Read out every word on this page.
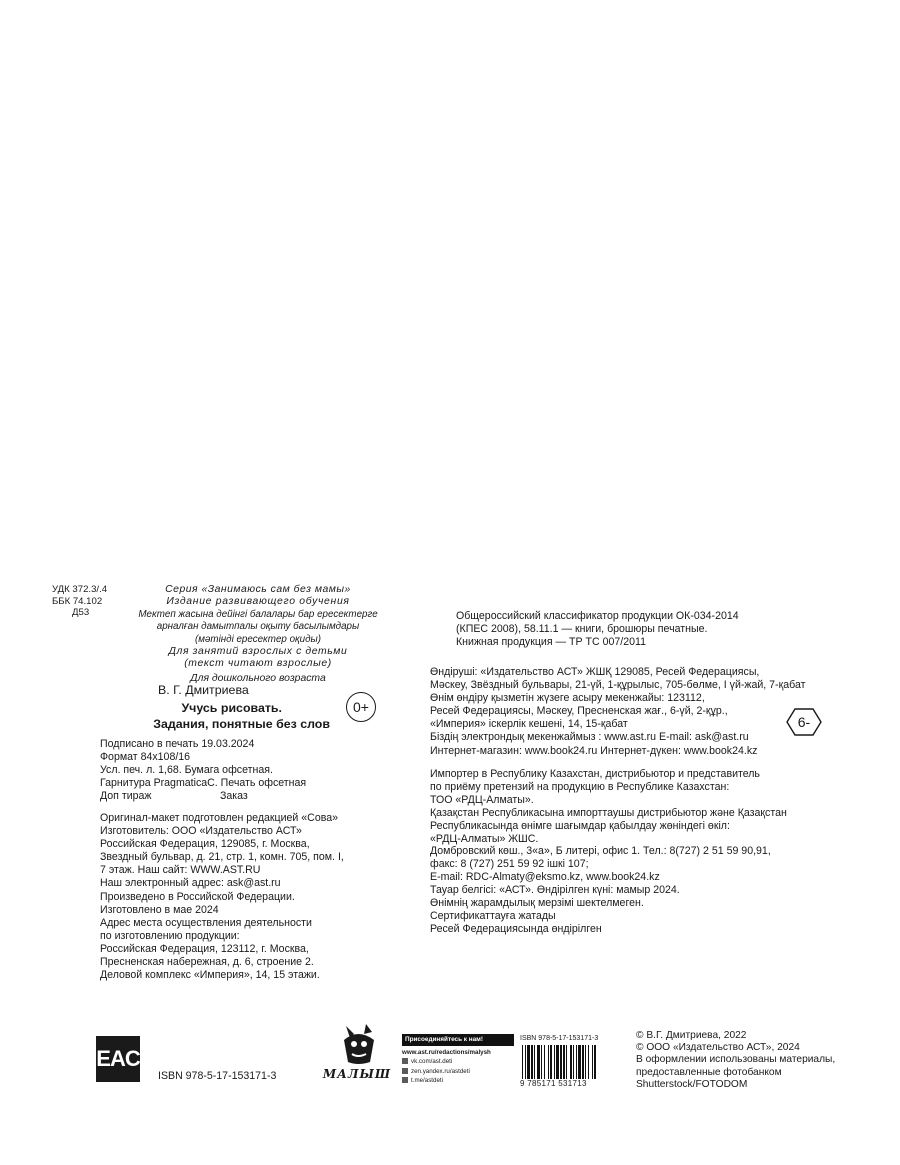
УДК 372.3/.4
ББК 74.102
Д53
Серия «Занимаюсь сам без мамы»
Издание развивающего обучения
Мектеп жасына дейінгі балалары бар ересектерге
арналған дамытпалы оқыту басылымдары
(мәтінді ересектер оқиды)
Для занятий взрослых с детьми
(текст читают взрослые)
Для дошкольного возраста
В. Г. Дмитриева
0+
Учусь рисовать.
Задания, понятные без слов
Подписано в печать 19.03.2024
Формат 84x108/16
Усл. печ. л. 1,68. Бумага офсетная.
Гарнитура PragmaticaC. Печать офсетная
Доп тираж	Заказ
Оригинал-макет подготовлен редакцией «Сова»
Изготовитель: ООО «Издательство АСТ»
Российская Федерация, 129085, г. Москва,
Звездный бульвар, д. 21, стр. 1, комн. 705, пом. I,
7 этаж. Наш сайт: WWW.AST.RU
Наш электронный адрес: ask@ast.ru
Произведено в Российской Федерации.
Изготовлено в мае 2024
Адрес места осуществления деятельности
по изготовлению продукции:
Российская Федерация, 123112, г. Москва,
Пресненская набережная, д. 6, строение 2.
Деловой комплекс «Империя», 14, 15 этажи.
Общероссийский классификатор продукции ОК-034-2014
(КПЕС 2008), 58.11.1 — книги, брошюры печатные.
Книжная продукция — ТР ТС 007/2011
Өндіруші: «Издательство АСТ» ЖШҚ 129085, Ресей Федерациясы,
Мәскеу, Звёздный бульвары, 21-үй, 1-құрылыс, 705-бөлме, I үй-жай, 7-қабат
Өнім өндіру қызметін жүзеге асыру мекенжайы: 123112,
Ресей Федерациясы, Мәскеу, Пресненская жағ., 6-үй, 2-құр.,
«Империя» іскерлік кешені, 14, 15-қабат
Біздің электрондық мекенжаймыз : www.ast.ru E-mail: ask@ast.ru
Интернет-магазин: www.book24.ru Интернет-дүкен: www.book24.kz
6-
Импортер в Республику Казахстан, дистрибьютор и представитель
по приёму претензий на продукцию в Республике Казахстан:
ТОО «РДЦ-Алматы».
Қазақстан Республикасына импорттаушы дистрибьютор және Қазақстан
Республикасында өнімге шағымдар қабылдау жөніндегі өкіл:
«РДЦ-Алматы» ЖШС.
Домбровский көш., 3«а», Б литері, офис 1. Тел.: 8(727) 2 51 59 90,91,
факс: 8 (727) 251 59 92 ішкі 107;
E-mail: RDC-Almaty@eksmo.kz, www.book24.kz
Тауар белгісі: «АСТ». Өндірілген күні: мамыр 2024.
Өнімнің жарамдылық мерзімі шектелмеген.
Сертификаттауға жатады
Ресей Федерациясында өндірілген
EAC
ISBN 978-5-17-153171-3	МАЛЫШ
Присоединяйтесь к нам!
www.ast.ru/redactions/malysh
vk.com/ast.deti
zen.yandex.ru/astdeti
t.me/astdeti
ISBN 978-5-17-153171-3
9 785171 531713
© В.Г. Дмитриева, 2022
© ООО «Издательство АСТ», 2024
В оформлении использованы материалы,
предоставленные фотобанком
Shutterstock/FOTODOM
